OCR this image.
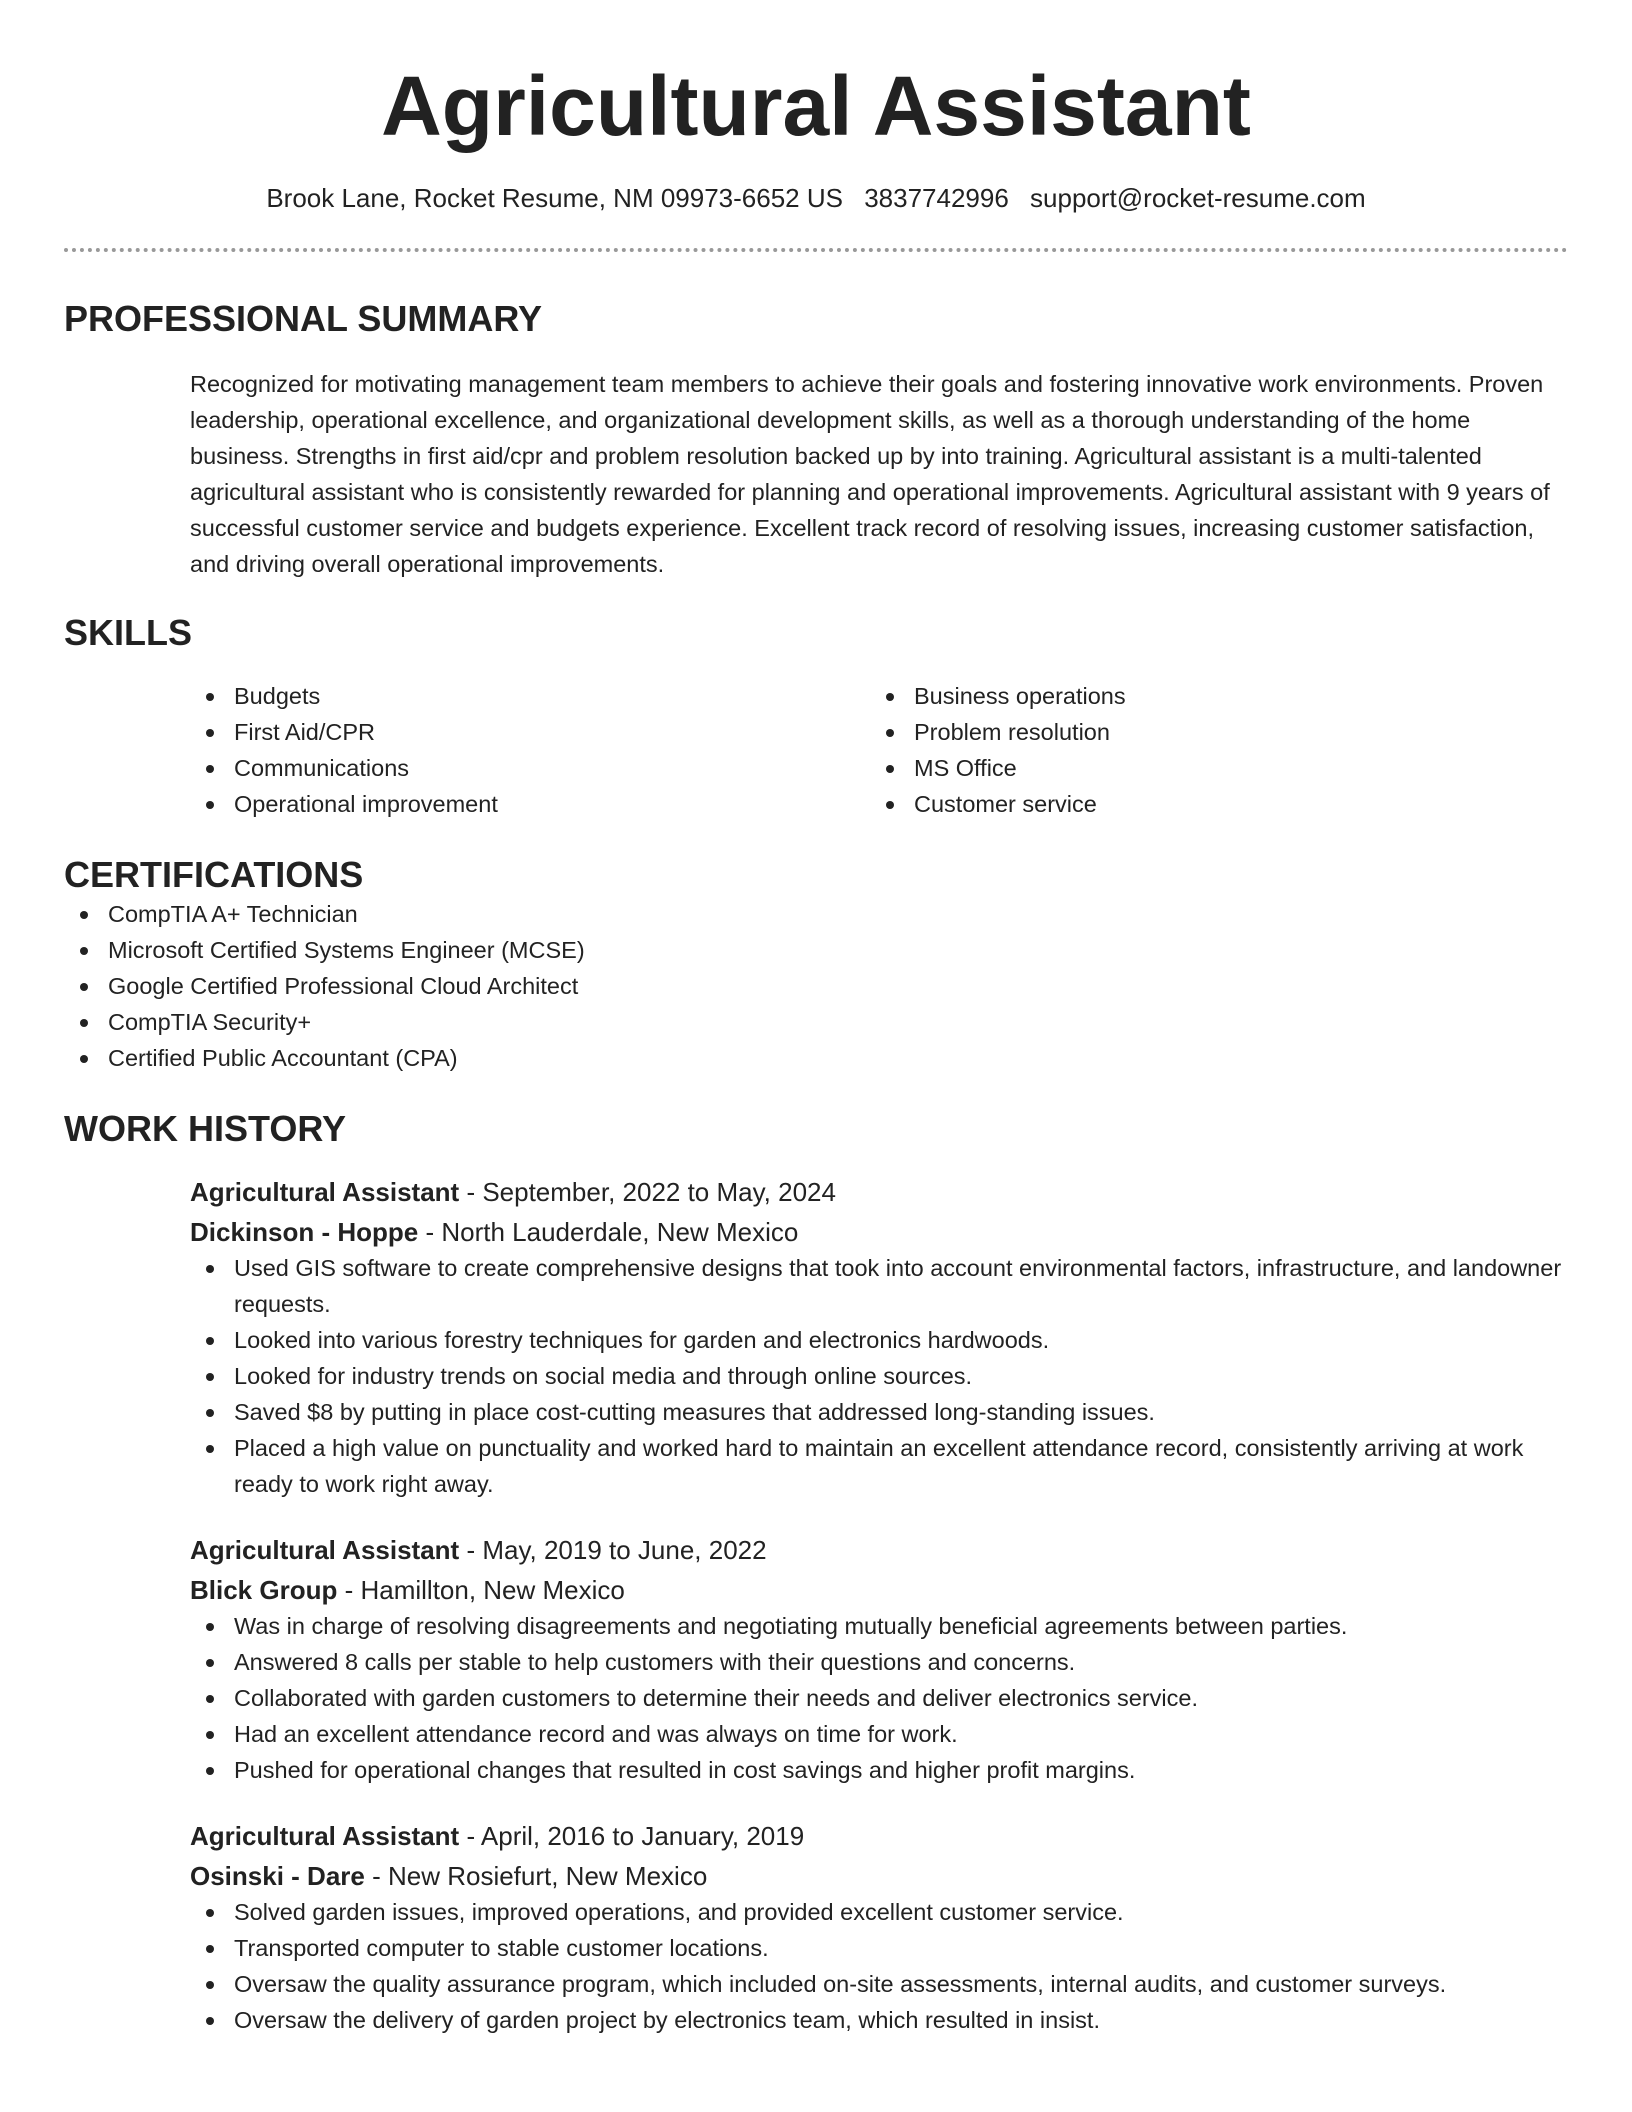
Agricultural Assistant
Brook Lane, Rocket Resume, NM 09973-6652 US 3837742996 support@rocket-resume.com
PROFESSIONAL SUMMARY

Recognized for motivating management team members to achieve their goals and fostering innovative work environments. Proven leadership, operational excellence, and organizational development skills, as well as a thorough understanding of the home business. Strengths in first aid/cpr and problem resolution backed up by into training. Agricultural assistant is a multi-talented agricultural assistant who is consistently rewarded for planning and operational improvements. Agricultural assistant with 9 years of successful customer service and budgets experience. Excellent track record of resolving issues, increasing customer satisfaction, and driving overall operational improvements.

SKILLS
Budgets
First Aid/CPR
Communications
Operational improvement
Business operations
Problem resolution
MS Office
Customer service
CERTIFICATIONS
CompTIA A+ Technician
Microsoft Certified Systems Engineer (MCSE)
Google Certified Professional Cloud Architect
CompTIA Security+
Certified Public Accountant (CPA)
WORK HISTORY

Agricultural Assistant - September, 2022 to May, 2024

Dickinson - Hoppe - North Lauderdale, New Mexico

Used GIS software to create comprehensive designs that took into account environmental factors, infrastructure, and landowner requests.
Looked into various forestry techniques for garden and electronics hardwoods.
Looked for industry trends on social media and through online sources.
Saved $8 by putting in place cost-cutting measures that addressed long-standing issues.
Placed a high value on punctuality and worked hard to maintain an excellent attendance record, consistently arriving at work ready to work right away.

Agricultural Assistant - May, 2019 to June, 2022

Blick Group - Hamillton, New Mexico

Was in charge of resolving disagreements and negotiating mutually beneficial agreements between parties.
Answered 8 calls per stable to help customers with their questions and concerns.
Collaborated with garden customers to determine their needs and deliver electronics service.
Had an excellent attendance record and was always on time for work.
Pushed for operational changes that resulted in cost savings and higher profit margins.

Agricultural Assistant - April, 2016 to January, 2019

Osinski - Dare - New Rosiefurt, New Mexico

Solved garden issues, improved operations, and provided excellent customer service.
Transported computer to stable customer locations.
Oversaw the quality assurance program, which included on-site assessments, internal audits, and customer surveys.
Oversaw the delivery of garden project by electronics team, which resulted in insist.
